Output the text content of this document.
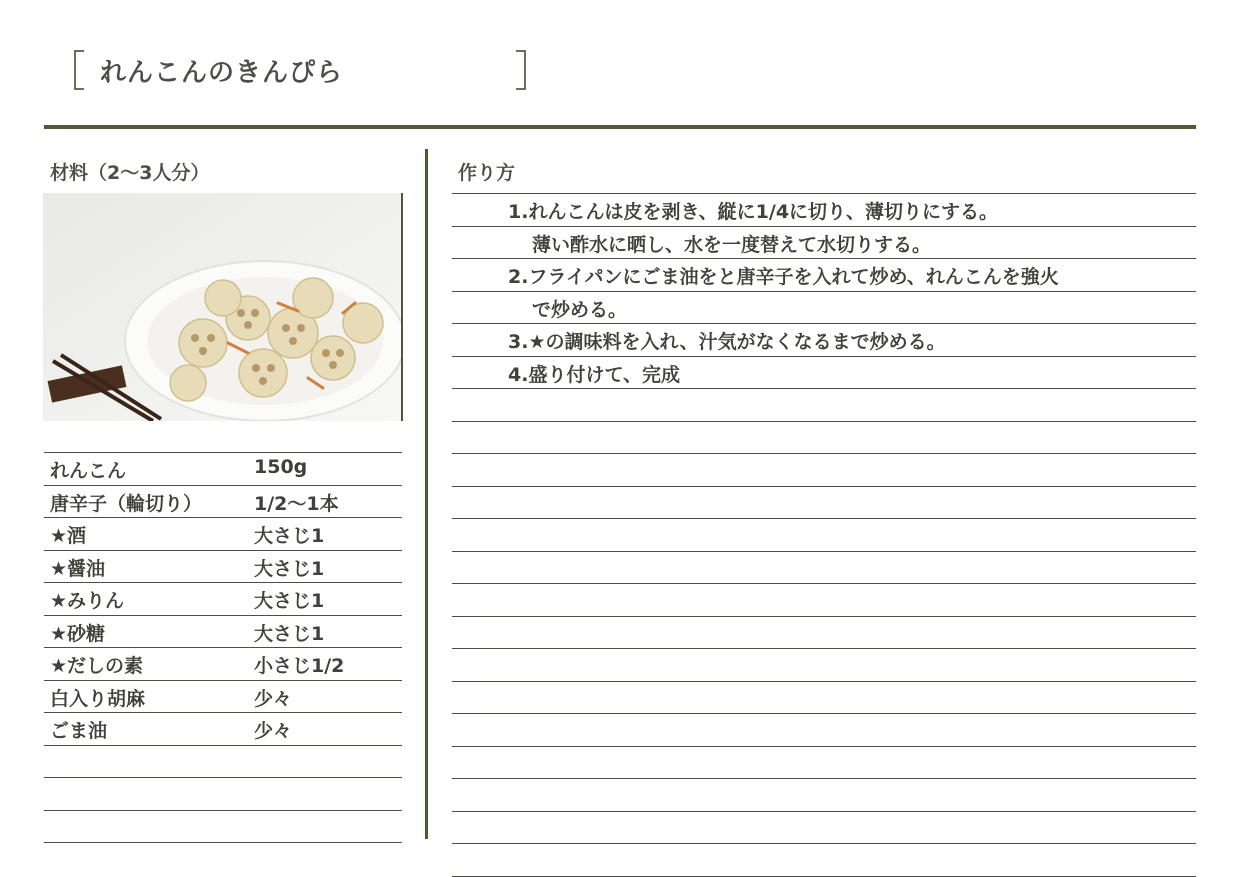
れんこんのきんぴら
材料（2～3人分）	作り方
れんこん	150g
唐辛子（輪切り）	1/2～1本
★酒	大さじ1
★醤油	大さじ1
★みりん	大さじ1
★砂糖	大さじ1
★だしの素	小さじ1/2
白入り胡麻	少々
ごま油	少々
1.れんこんは皮を剥き、縦に1/4に切り、薄切りにする。
薄い酢水に晒し、水を一度替えて水切りする。
2.フライパンにごま油をと唐辛子を入れて炒め、れんこんを強火
で炒める。
3.★の調味料を入れ、汁気がなくなるまで炒める。
4.盛り付けて、完成
